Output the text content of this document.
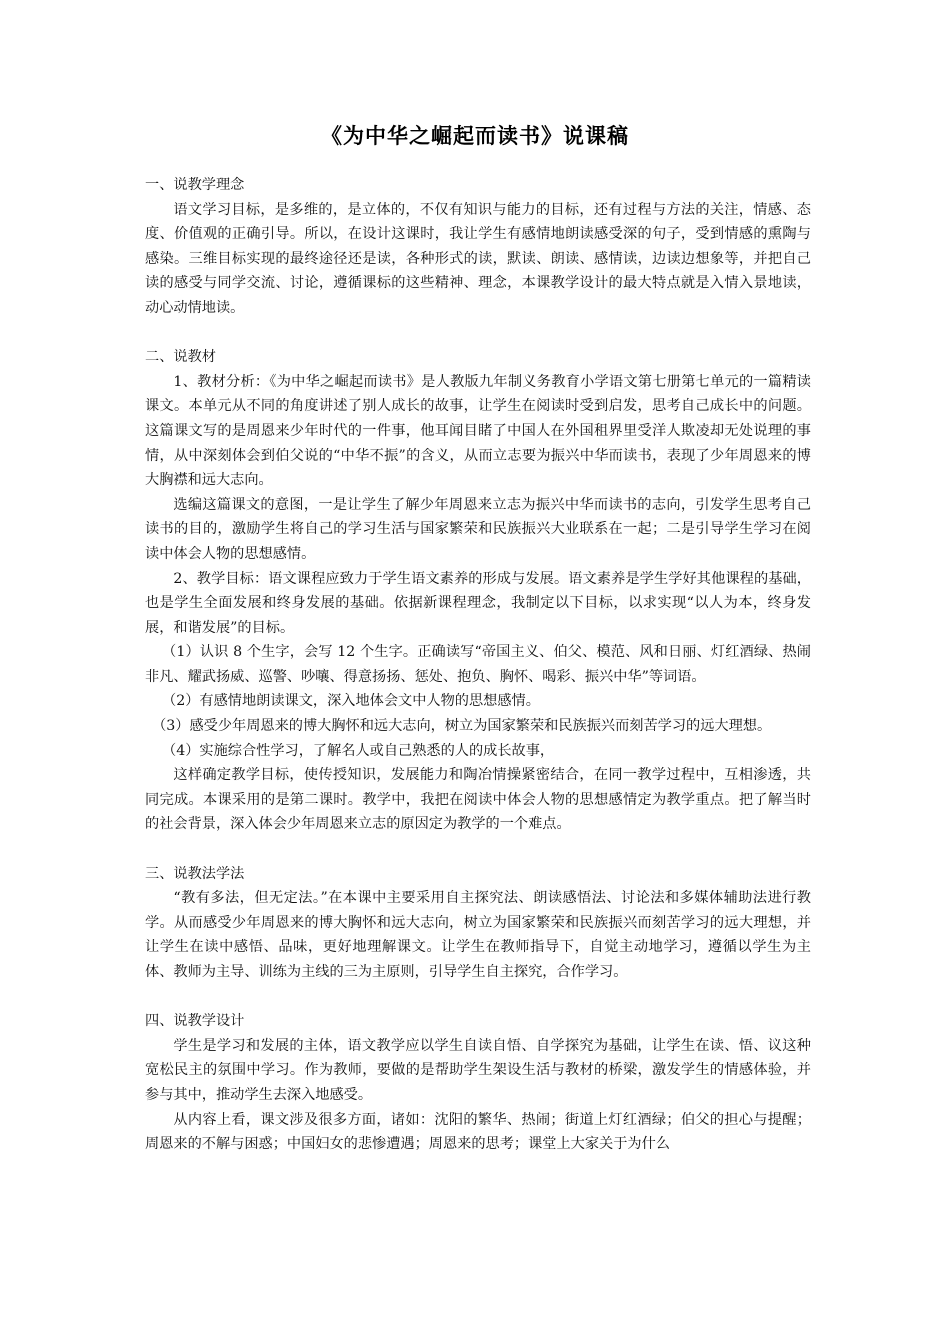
《为中华之崛起而读书》说课稿

一、说教学理念

语文学习目标，是多维的，是立体的，不仅有知识与能力的目标，还有过程与方法的关注，情感、态度、价值观的正确引导。所以，在设计这课时，我让学生有感情地朗读感受深的句子，受到情感的熏陶与感染。三维目标实现的最终途径还是读，各种形式的读，默读、朗读、感情读，边读边想象等，并把自己读的感受与同学交流、讨论，遵循课标的这些精神、理念，本课教学设计的最大特点就是入情入景地读，动心动情地读。

二、说教材

1、教材分析：《为中华之崛起而读书》是人教版九年制义务教育小学语文第七册第七单元的一篇精读课文。本单元从不同的角度讲述了别人成长的故事，让学生在阅读时受到启发，思考自己成长中的问题。这篇课文写的是周恩来少年时代的一件事，他耳闻目睹了中国人在外国租界里受洋人欺凌却无处说理的事情，从中深刻体会到伯父说的“中华不振”的含义，从而立志要为振兴中华而读书，表现了少年周恩来的博大胸襟和远大志向。

选编这篇课文的意图，一是让学生了解少年周恩来立志为振兴中华而读书的志向，引发学生思考自己读书的目的，激励学生将自己的学习生活与国家繁荣和民族振兴大业联系在一起；二是引导学生学习在阅读中体会人物的思想感情。

2、教学目标：语文课程应致力于学生语文素养的形成与发展。语文素养是学生学好其他课程的基础，也是学生全面发展和终身发展的基础。依据新课程理念，我制定以下目标，以求实现“以人为本，终身发展，和谐发展”的目标。

（1）认识 8 个生字，会写 12 个生字。正确读写“帝国主义、伯父、模范、风和日丽、灯红酒绿、热闹非凡、耀武扬威、巡警、吵嚷、得意扬扬、惩处、抱负、胸怀、喝彩、振兴中华”等词语。

（2）有感情地朗读课文，深入地体会文中人物的思想感情。

（3）感受少年周恩来的博大胸怀和远大志向，树立为国家繁荣和民族振兴而刻苦学习的远大理想。

（4）实施综合性学习，了解名人或自己熟悉的人的成长故事，

这样确定教学目标，使传授知识，发展能力和陶冶情操紧密结合，在同一教学过程中，互相渗透，共同完成。本课采用的是第二课时。教学中，我把在阅读中体会人物的思想感情定为教学重点。把了解当时的社会背景，深入体会少年周恩来立志的原因定为教学的一个难点。

三、说教法学法

“教有多法，但无定法。”在本课中主要采用自主探究法、朗读感悟法、讨论法和多媒体辅助法进行教学。从而感受少年周恩来的博大胸怀和远大志向，树立为国家繁荣和民族振兴而刻苦学习的远大理想，并让学生在读中感悟、品味，更好地理解课文。让学生在教师指导下，自觉主动地学习，遵循以学生为主体、教师为主导、训练为主线的三为主原则，引导学生自主探究，合作学习。

四、说教学设计

学生是学习和发展的主体，语文教学应以学生自读自悟、自学探究为基础，让学生在读、悟、议这种宽松民主的氛围中学习。作为教师，要做的是帮助学生架设生活与教材的桥梁，激发学生的情感体验，并参与其中，推动学生去深入地感受。

从内容上看，课文涉及很多方面，诸如：沈阳的繁华、热闹；街道上灯红酒绿；伯父的担心与提醒；周恩来的不解与困惑；中国妇女的悲惨遭遇；周恩来的思考；课堂上大家关于为什么
